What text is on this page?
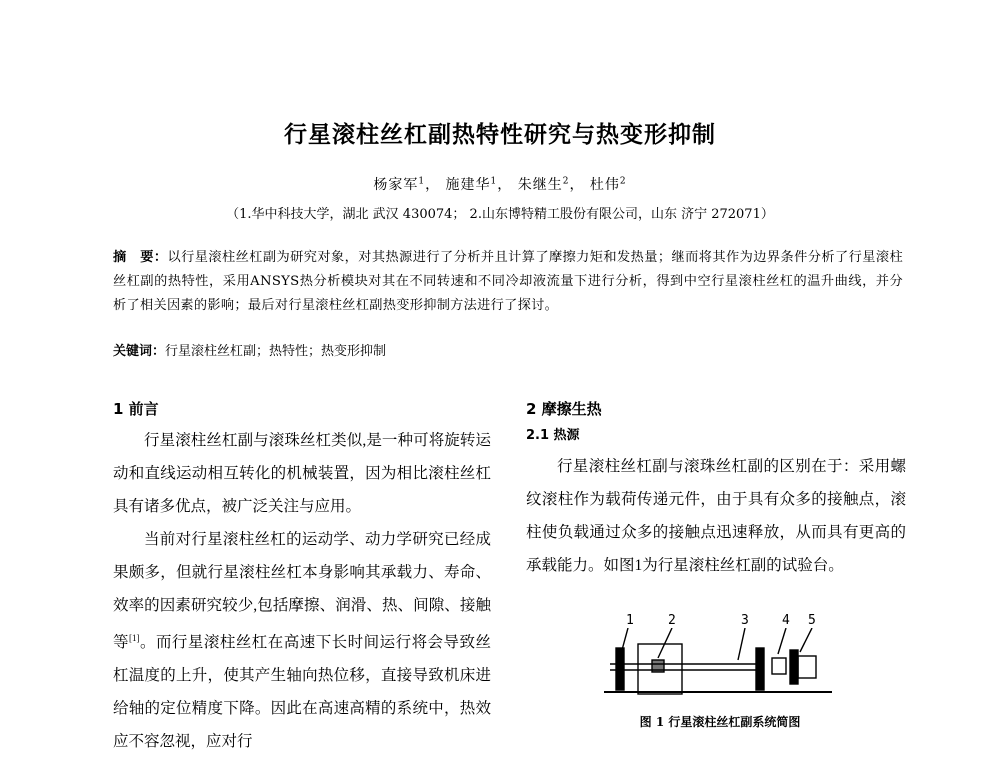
行星滚柱丝杠副热特性研究与热变形抑制
杨家军$^1$， 施建华$^1$， 朱继生$^2$， 杜伟$^2$
（1.华中科技大学，湖北 武汉 430074； 2.山东博特精工股份有限公司，山东 济宁 272071）
摘　要：以行星滚柱丝杠副为研究对象，对其热源进行了分析并且计算了摩擦力矩和发热量；继而将其作为边界条件分析了行星滚柱丝杠副的热特性，采用ANSYS热分析模块对其在不同转速和不同冷却液流量下进行分析，得到中空行星滚柱丝杠的温升曲线，并分析了相关因素的影响；最后对行星滚柱丝杠副热变形抑制方法进行了探讨。
关键词：行星滚柱丝杠副；热特性；热变形抑制
1 前言

行星滚柱丝杠副与滚珠丝杠类似,是一种可将旋转运动和直线运动相互转化的机械装置，因为相比滚柱丝杠具有诸多优点，被广泛关注与应用。

当前对行星滚柱丝杠的运动学、动力学研究已经成果颇多，但就行星滚柱丝杠本身影响其承载力、寿命、效率的因素研究较少,包括摩擦、润滑、热、间隙、接触等[1]。而行星滚柱丝杠在高速下长时间运行将会导致丝杠温度的上升，使其产生轴向热位移，直接导致机床进给轴的定位精度下降。因此在高速高精的系统中，热效应不容忽视，应对行

2 摩擦生热
2.1 热源

行星滚柱丝杠副与滚珠丝杠副的区别在于：采用螺纹滚柱作为载荷传递元件，由于具有众多的接触点，滚柱使负载通过众多的接触点迅速释放，从而具有更高的承载能力。如图1为行星滚柱丝杠副的试验台。

1	2	3	4 5
图 1 行星滚柱丝杠副系统简图
